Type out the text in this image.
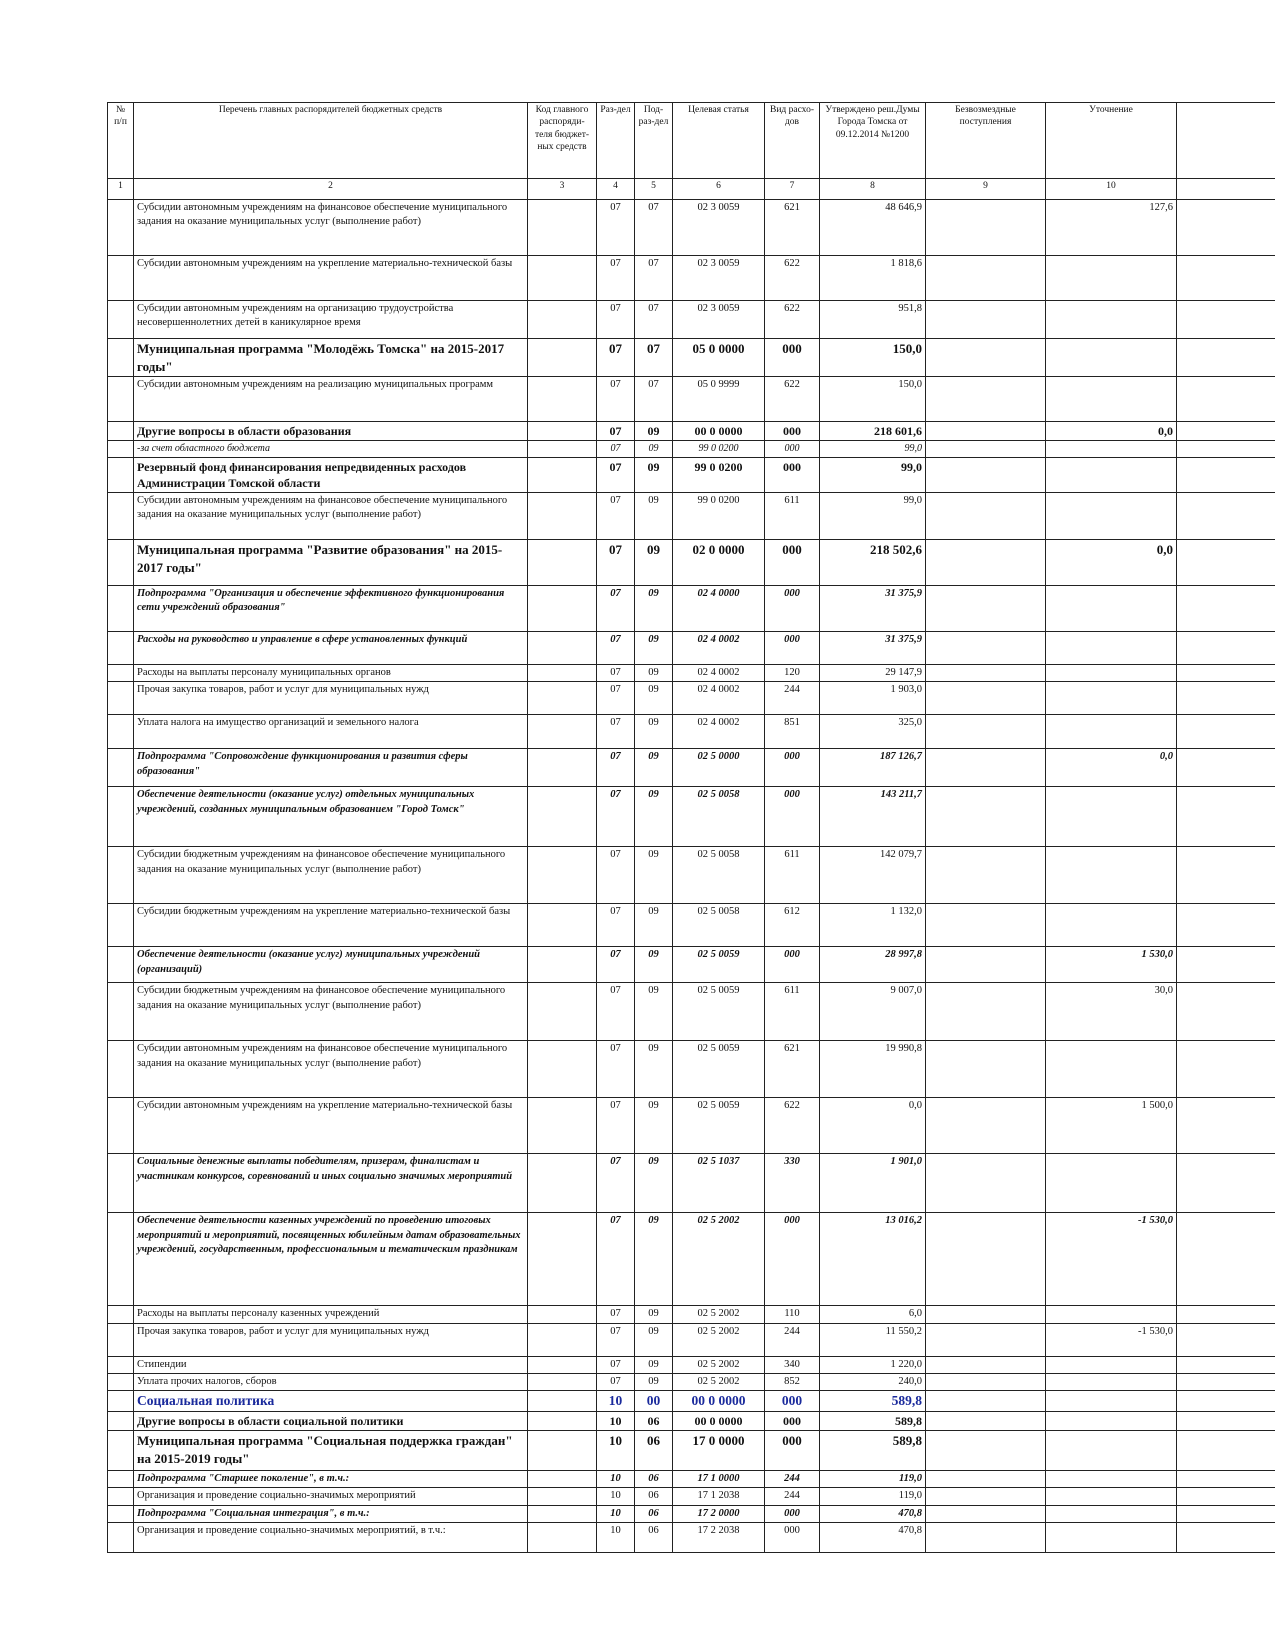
№ п/п	Перечень главных распорядителей бюджетных средств	Код главного распоряди-теля бюджет-ных средств	Раз-дел	Под-раз-дел	Целевая статья	Вид расхо-дов	Утверждено реш.Думы Города Томска от 09.12.2014 №1200	Безвозмездные поступления	Уточнение	
1	2	3	4	5	6	7	8	9	10	
	Субсидии автономным учреждениям на финансовое обеспечение муниципального задания на оказание муниципальных услуг (выполнение работ)		07	07	02 3 0059	621	48 646,9		127,6	
	Субсидии автономным учреждениям на укрепление материально-технической базы		07	07	02 3 0059	622	1 818,6			
	Субсидии автономным учреждениям на организацию трудоустройства несовершеннолетних детей в каникулярное время		07	07	02 3 0059	622	951,8			
	Муниципальная программа "Молодёжь Томска" на 2015-2017 годы"		07	07	05 0 0000	000	150,0			
	Субсидии автономным учреждениям на реализацию муниципальных программ		07	07	05 0 9999	622	150,0			
	Другие вопросы в области образования		07	09	00 0 0000	000	218 601,6		0,0	
	-за счет областного бюджета		07	09	99 0 0200	000	99,0			
	Резервный фонд финансирования непредвиденных расходов Администрации Томской области		07	09	99 0 0200	000	99,0			
	Субсидии автономным учреждениям на финансовое обеспечение муниципального задания на оказание муниципальных услуг (выполнение работ)		07	09	99 0 0200	611	99,0			
	Муниципальная программа "Развитие образования" на 2015-2017 годы"		07	09	02 0 0000	000	218 502,6		0,0	
	Подпрограмма "Организация и обеспечение эффективного функционирования сети учреждений образования"		07	09	02 4 0000	000	31 375,9			
	Расходы на руководство и управление в сфере установленных функций		07	09	02 4 0002	000	31 375,9			
	Расходы на выплаты персоналу муниципальных органов		07	09	02 4 0002	120	29 147,9			
	Прочая закупка товаров, работ и услуг для муниципальных нужд		07	09	02 4 0002	244	1 903,0			
	Уплата налога на имущество организаций и земельного налога		07	09	02 4 0002	851	325,0			
	Подпрограмма "Сопровождение функционирования и развития сферы образования"		07	09	02 5 0000	000	187 126,7		0,0	
	Обеспечение деятельности (оказание услуг) отдельных муниципальных учреждений, созданных муниципальным образованием "Город Томск"		07	09	02 5 0058	000	143 211,7			
	Субсидии бюджетным учреждениям на финансовое обеспечение муниципального задания на оказание муниципальных услуг (выполнение работ)		07	09	02 5 0058	611	142 079,7			
	Субсидии бюджетным учреждениям на укрепление материально-технической базы		07	09	02 5 0058	612	1 132,0			
	Обеспечение деятельности (оказание услуг) муниципальных учреждений (организаций)		07	09	02 5 0059	000	28 997,8		1 530,0	
	Субсидии бюджетным учреждениям на финансовое обеспечение муниципального задания на оказание муниципальных услуг (выполнение работ)		07	09	02 5 0059	611	9 007,0		30,0	
	Субсидии автономным учреждениям на финансовое обеспечение муниципального задания на оказание муниципальных услуг (выполнение работ)		07	09	02 5 0059	621	19 990,8			
	Субсидии автономным учреждениям на укрепление материально-технической базы		07	09	02 5 0059	622	0,0		1 500,0	
	Социальные денежные выплаты победителям, призерам, финалистам и участникам конкурсов, соревнований и иных социально значимых мероприятий		07	09	02 5 1037	330	1 901,0			
	Обеспечение деятельности казенных учреждений по проведению итоговых мероприятий и мероприятий, посвященных юбилейным датам образовательных учреждений, государственным, профессиональным и тематическим праздникам		07	09	02 5 2002	000	13 016,2		-1 530,0	
	Расходы на выплаты персоналу казенных учреждений		07	09	02 5 2002	110	6,0			
	Прочая закупка товаров, работ и услуг для муниципальных нужд		07	09	02 5 2002	244	11 550,2		-1 530,0	
	Стипендии		07	09	02 5 2002	340	1 220,0			
	Уплата прочих налогов, сборов		07	09	02 5 2002	852	240,0			
	Социальная политика		10	00	00 0 0000	000	589,8			
	Другие вопросы в области социальной политики		10	06	00 0 0000	000	589,8			
	Муниципальная программа "Социальная поддержка граждан" на 2015-2019 годы"		10	06	17 0 0000	000	589,8			
	Подпрограмма "Старшее поколение", в т.ч.:		10	06	17 1 0000	244	119,0			
	Организация и проведение социально-значимых мероприятий		10	06	17 1 2038	244	119,0			
	Подпрограмма "Социальная интеграция", в т.ч.:		10	06	17 2 0000	000	470,8			
	Организация и проведение социально-значимых мероприятий, в т.ч.:		10	06	17 2 2038	000	470,8			
